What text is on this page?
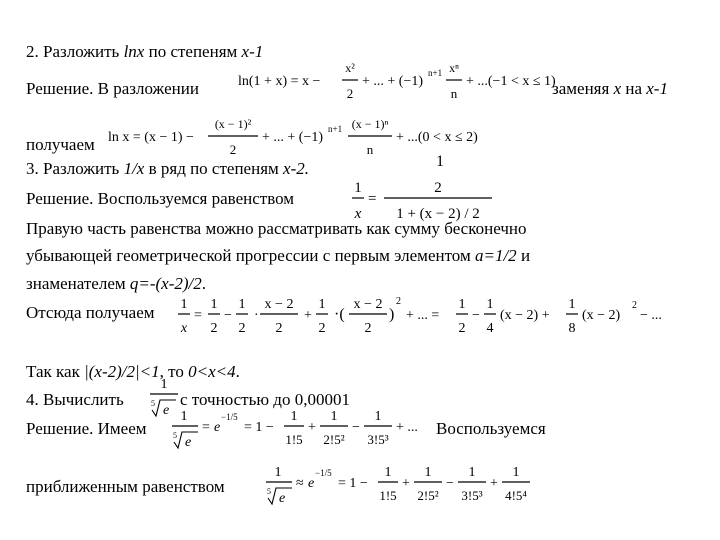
2. Разложить lnx по степеням x-1
Решение. В разложении	ln(1 + x) = x −
x²
2
+ ... + (−1)
n+1 xⁿ
n
+ ...(−1 < x ≤ 1)
заменяя x на x-1
получаем ln x = (x − 1) −
(x − 1)²
2
+ ... + (−1)
n+1 (x − 1)ⁿ
n
+ ...(0 < x ≤ 2)
3. Разложить 1/x в ряд по степеням x-2.
Решение. Воспользуемся равенством
1
1
x
=
2
1 + (x − 2) / 2
Правую часть равенства можно рассматривать как сумму бесконечно
убывающей геометрической прогрессии с первым элементом a=1/2 и
знаменателем q=-(x-2)/2.
Отсюда получаем 1
x
=
1
2
−
1
2
·
x − 2
2
+
1
2
·(
x − 2
2
)
2
+ ... =
1
2
−
1
4
(x − 2) +
1
8
(x − 2)
2
− ...
Так как |(x-2)/2|<1, то 0<x<4.
4. Вычислить
1
5 e
с точностью до 0,00001
Решение. Имеем
1
5 e
= e
−1/5
= 1 −
1
1!5
+
1
2!5²
−
1
3!5³
+ ... Воспользуемся
приближенным равенством
1
5 e
≈ e
−1/5
= 1 −
1
1!5
+
1
2!5²
−
1
3!5³
+
1
4!5⁴
